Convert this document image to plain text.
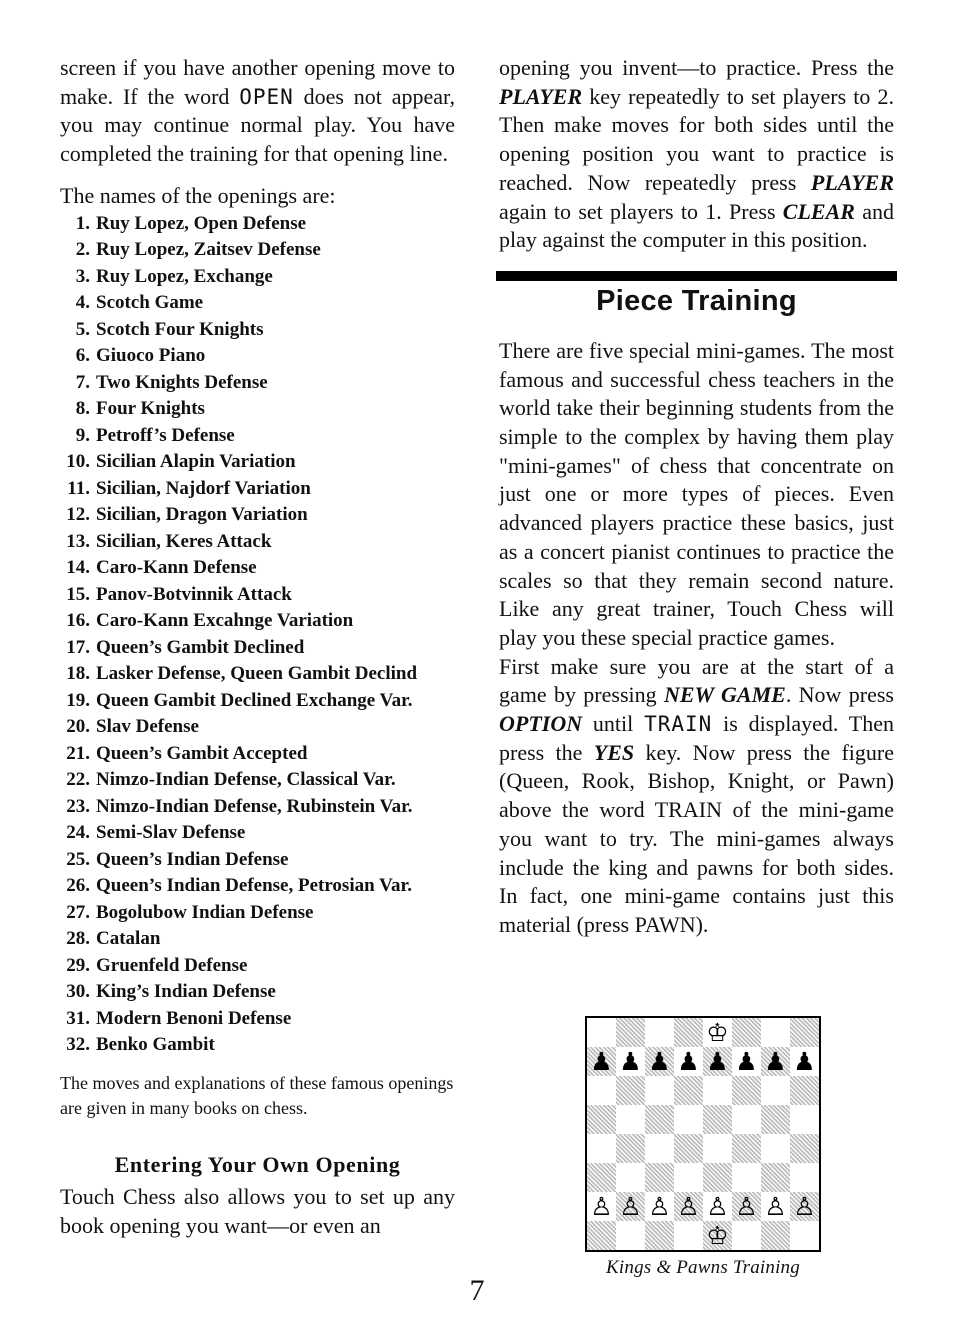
screen if you have another opening move to make. If the word OPEN does not appear, you may continue normal play. You have completed the training for that opening line.

The names of the openings are:

1. Ruy Lopez, Open Defense
2. Ruy Lopez, Zaitsev Defense
3. Ruy Lopez, Exchange
4. Scotch Game
5. Scotch Four Knights
6. Giuoco Piano
7. Two Knights Defense
8. Four Knights
9. Petroff’s Defense
10. Sicilian Alapin Variation
11. Sicilian, Najdorf Variation
12. Sicilian, Dragon Variation
13. Sicilian, Keres Attack
14. Caro-Kann Defense
15. Panov-Botvinnik Attack
16. Caro-Kann Excahnge Variation
17. Queen’s Gambit Declined
18. Lasker Defense, Queen Gambit Declind
19. Queen Gambit Declined Exchange Var.
20. Slav Defense
21. Queen’s Gambit Accepted
22. Nimzo-Indian Defense, Classical Var.
23. Nimzo-Indian Defense, Rubinstein Var.
24. Semi-Slav Defense
25. Queen’s Indian Defense
26. Queen’s Indian Defense, Petrosian Var.
27. Bogolubow Indian Defense
28. Catalan
29. Gruenfeld Defense
30. King’s Indian Defense
31. Modern Benoni Defense
32. Benko Gambit

The moves and explanations of these famous openings are given in many books on chess.

Entering Your Own Opening

Touch Chess also allows you to set up any book opening you want—or even an

opening you invent—to practice. Press the PLAYER key repeatedly to set players to 2. Then make moves for both sides until the opening position you want to practice is reached. Now repeatedly press PLAYER again to set players to 1. Press CLEAR and play against the computer in this position.

Piece Training

There are five special mini-games. The most famous and successful chess teachers in the world take their beginning students from the simple to the complex by having them play "mini-games" of chess that concentrate on just one or more types of pieces. Even advanced players practice these basics, just as a concert pianist continues to practice the scales so that they remain second nature. Like any great trainer, Touch Chess will play you these special practice games.

First make sure you are at the start of a game by pressing NEW GAME. Now press OPTION until TRAIN is displayed. Then press the YES key. Now press the figure (Queen, Rook, Bishop, Knight, or Pawn) above the word TRAIN of the mini-game you want to try. The mini-games always include the king and pawns for both sides. In fact, one mini-game contains just this material (press PAWN).

♔
♟ ♟ ♟ ♟ ♟ ♟ ♟ ♟
♙ ♙ ♙ ♙ ♙ ♙ ♙ ♙
♔
Kings & Pawns Training
7
